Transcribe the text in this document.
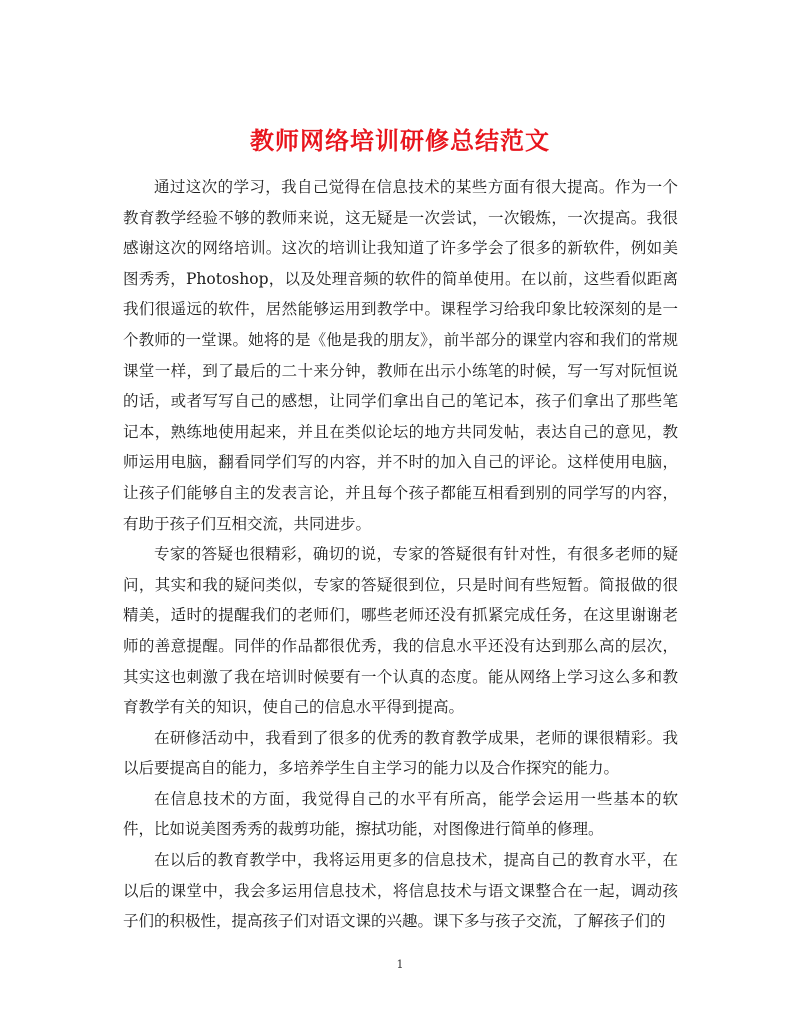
教师网络培训研修总结范文

通过这次的学习，我自己觉得在信息技术的某些方面有很大提高。作为一个教育教学经验不够的教师来说，这无疑是一次尝试，一次锻炼，一次提高。我很感谢这次的网络培训。这次的培训让我知道了许多学会了很多的新软件，例如美图秀秀，Photoshop，以及处理音频的软件的简单使用。在以前，这些看似距离我们很遥远的软件，居然能够运用到教学中。课程学习给我印象比较深刻的是一个教师的一堂课。她将的是《他是我的朋友》，前半部分的课堂内容和我们的常规课堂一样，到了最后的二十来分钟，教师在出示小练笔的时候，写一写对阮恒说的话，或者写写自己的感想，让同学们拿出自己的笔记本，孩子们拿出了那些笔记本，熟练地使用起来，并且在类似论坛的地方共同发帖，表达自己的意见，教师运用电脑，翻看同学们写的内容，并不时的加入自己的评论。这样使用电脑，让孩子们能够自主的发表言论，并且每个孩子都能互相看到别的同学写的内容，有助于孩子们互相交流，共同进步。

专家的答疑也很精彩，确切的说，专家的答疑很有针对性，有很多老师的疑问，其实和我的疑问类似，专家的答疑很到位，只是时间有些短暂。简报做的很精美，适时的提醒我们的老师们，哪些老师还没有抓紧完成任务，在这里谢谢老师的善意提醒。同伴的作品都很优秀，我的信息水平还没有达到那么高的层次，其实这也刺激了我在培训时候要有一个认真的态度。能从网络上学习这么多和教育教学有关的知识，使自己的信息水平得到提高。

在研修活动中，我看到了很多的优秀的教育教学成果，老师的课很精彩。我以后要提高自的能力，多培养学生自主学习的能力以及合作探究的能力。

在信息技术的方面，我觉得自己的水平有所高，能学会运用一些基本的软件，比如说美图秀秀的裁剪功能，擦拭功能，对图像进行简单的修理。

在以后的教育教学中，我将运用更多的信息技术，提高自己的教育水平，在以后的课堂中，我会多运用信息技术，将信息技术与语文课整合在一起，调动孩子们的积极性，提高孩子们对语文课的兴趣。课下多与孩子交流，了解孩子们的

1
